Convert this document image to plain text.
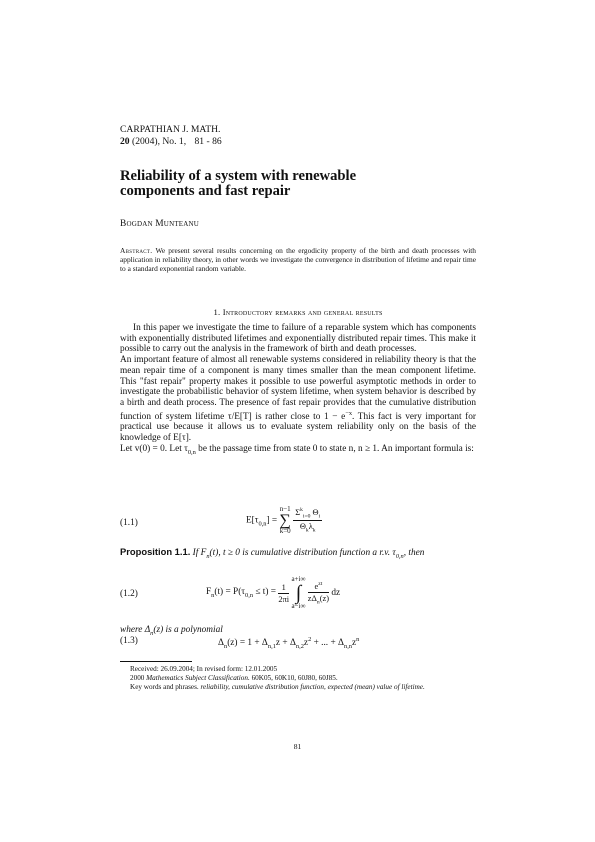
CARPATHIAN J. MATH.
20 (2004), No. 1, 81 - 86
Reliability of a system with renewable
components and fast repair
Bogdan Munteanu
Abstract. We present several results concerning on the ergodicity property of the birth and death processes with application in reliability theory, in other words we investigate the convergence in distribution of lifetime and repair time to a standard exponential random variable.
1. Introductory remarks and general results

In this paper we investigate the time to failure of a reparable system which has components with exponentially distributed lifetimes and exponentially distributed repair times. This make it possible to carry out the analysis in the framework of birth and death processes.

An important feature of almost all renewable systems considered in reliability theory is that the mean repair time of a component is many times smaller than the mean component lifetime. This "fast repair" property makes it possible to use powerful asymptotic methods in order to investigate the probabilistic behavior of system lifetime, when system behavior is described by a birth and death process. The presence of fast repair provides that the cumulative distribution function of system lifetime τ/E[T] is rather close to $1 - e^{-x}$. This fact is very important for practical use because it allows us to evaluate system reliability only on the basis of the knowledge of E[τ].

Let v(0) = 0. Let $\tau_{0,n}$ be the passage time from state 0 to state n, n ≥ 1. An important formula is:

(1.1)	$E[\tau_{0,n}] = n-1$
∑
$k=0 \frac{\Sigma^k_{i=0} \Theta_i}{\Theta_k\lambda_k}$
Proposition 1.1. If $F_n(t)$, t ≥ 0 is cumulative distribution function a r.v. $\tau_{0,n}$, then
(1.2)	$F_n(t) = P(\tau_{0,n} \le t) = \frac{1}{2\pi i}$
a+i∞
∫
a−i∞
$\frac{e^{zt}}{z\Delta_n(z)}$ dz
where $\Delta_n(z)$ is a polynomial
(1.3)	$\Delta_n(z) = 1 + \Delta_{n,1}z + \Delta_{n,2}z^2$ + ... + $\Delta_{n,n}z^n$

Received: 26.09.2004; In revised form: 12.01.2005

2000 Mathematics Subject Classification. 60K05, 60K10, 60J80, 60J85.

Key words and phrases. reliability, cumulative distribution function, expected (mean) value of lifetime.

81
